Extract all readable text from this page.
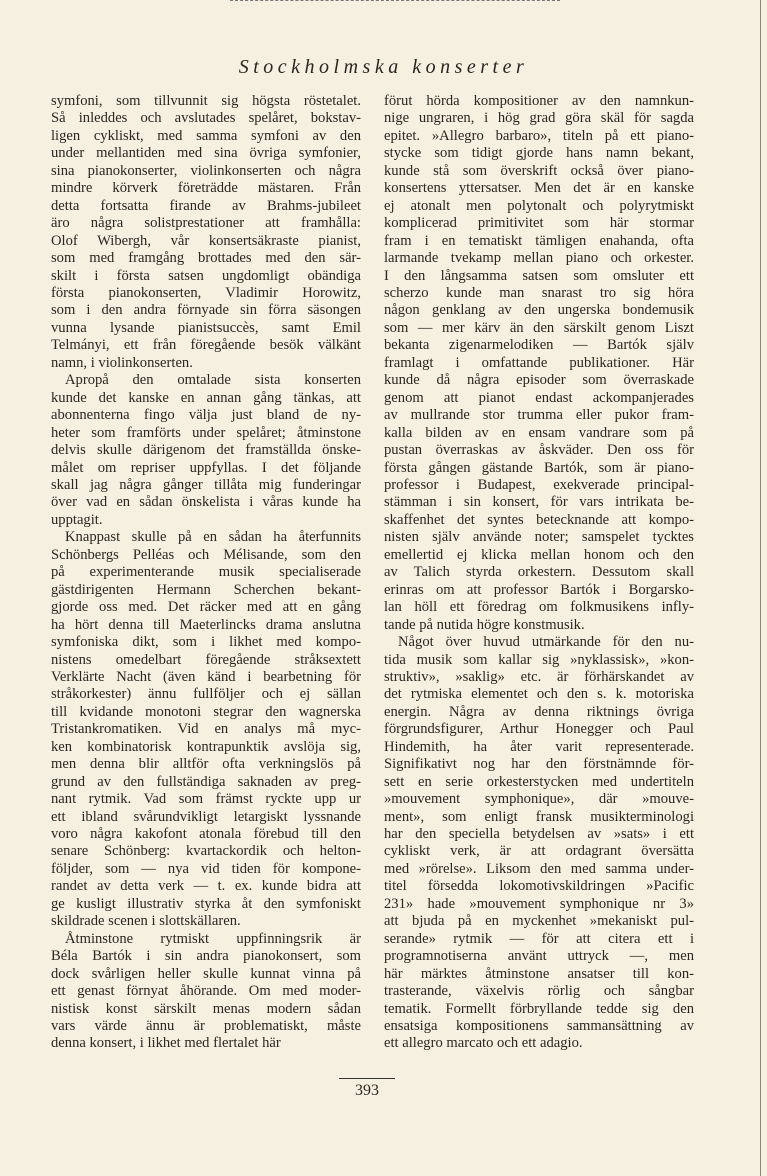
Stockholmska konserter
symfoni, som tillvunnit sig högsta röstetalet.
Så inleddes och avslutades spelåret, bokstav-
ligen cykliskt, med samma symfoni av den
under mellantiden med sina övriga symfonier,
sina pianokonserter, violinkonserten och några
mindre körverk företrädde mästaren. Från
detta fortsatta firande av Brahms-jubileet
äro några solistprestationer att framhålla:
Olof Wibergh, vår konsertsäkraste pianist,
som med framgång brottades med den sär-
skilt i första satsen ungdomligt obändiga
första pianokonserten, Vladimir Horowitz,
som i den andra förnyade sin förra säsongen
vunna lysande pianistsuccès, samt Emil
Telmányi, ett från föregående besök välkänt
namn, i violinkonserten.
Apropå den omtalade sista konserten
kunde det kanske en annan gång tänkas, att
abonnenterna fingo välja just bland de ny-
heter som framförts under spelåret; åtminstone
delvis skulle därigenom det framställda önske-
målet om repriser uppfyllas. I det följande
skall jag några gånger tillåta mig funderingar
över vad en sådan önskelista i våras kunde ha
upptagit.
Knappast skulle på en sådan ha återfunnits
Schönbergs Pelléas och Mélisande, som den
på experimenterande musik specialiserade
gästdirigenten Hermann Scherchen bekant-
gjorde oss med. Det räcker med att en gång
ha hört denna till Maeterlincks drama anslutna
symfoniska dikt, som i likhet med kompo-
nistens omedelbart föregående stråksextett
Verklärte Nacht (även känd i bearbetning för
stråkorkester) ännu fullföljer och ej sällan
till kvidande monotoni stegrar den wagnerska
Tristankromatiken. Vid en analys må myc-
ken kombinatorisk kontrapunktik avslöja sig,
men denna blir alltför ofta verkningslös på
grund av den fullständiga saknaden av preg-
nant rytmik. Vad som främst ryckte upp ur
ett ibland svårundvikligt letargiskt lyssnande
voro några kakofont atonala förebud till den
senare Schönberg: kvartackordik och helton-
följder, som — nya vid tiden för kompone-
randet av detta verk — t. ex. kunde bidra att
ge kusligt illustrativ styrka åt den symfoniskt
skildrade scenen i slottskällaren.
Åtminstone rytmiskt uppfinningsrik är
Béla Bartók i sin andra pianokonsert, som
dock svårligen heller skulle kunnat vinna på
ett genast förnyat åhörande. Om med moder-
nistisk konst särskilt menas modern sådan
vars värde ännu är problematiskt, måste
denna konsert, i likhet med flertalet här
förut hörda kompositioner av den namnkun-
nige ungraren, i hög grad göra skäl för sagda
epitet. »Allegro barbaro», titeln på ett piano-
stycke som tidigt gjorde hans namn bekant,
kunde stå som överskrift också över piano-
konsertens yttersatser. Men det är en kanske
ej atonalt men polytonalt och polyrytmiskt
komplicerad primitivitet som här stormar
fram i en tematiskt tämligen enahanda, ofta
larmande tvekamp mellan piano och orkester.
I den långsamma satsen som omsluter ett
scherzo kunde man snarast tro sig höra
någon genklang av den ungerska bondemusik
som — mer kärv än den särskilt genom Liszt
bekanta zigenarmelodiken — Bartók själv
framlagt i omfattande publikationer. Här
kunde då några episoder som överraskade
genom att pianot endast ackompanjerades
av mullrande stor trumma eller pukor fram-
kalla bilden av en ensam vandrare som på
pustan överraskas av åskväder. Den oss för
första gången gästande Bartók, som är piano-
professor i Budapest, exekverade principal-
stämman i sin konsert, för vars intrikata be-
skaffenhet det syntes betecknande att kompo-
nisten själv använde noter; samspelet tycktes
emellertid ej klicka mellan honom och den
av Talich styrda orkestern. Dessutom skall
erinras om att professor Bartók i Borgarsko-
lan höll ett föredrag om folkmusikens infly-
tande på nutida högre konstmusik.
Något över huvud utmärkande för den nu-
tida musik som kallar sig »nyklassisk», »kon-
struktiv», »saklig» etc. är förhärskandet av
det rytmiska elementet och den s. k. motoriska
energin. Några av denna riktnings övriga
förgrundsfigurer, Arthur Honegger och Paul
Hindemith, ha åter varit representerade.
Signifikativt nog har den förstnämnde för-
sett en serie orkesterstycken med undertiteln
»mouvement symphonique», där »mouve-
ment», som enligt fransk musikterminologi
har den speciella betydelsen av »sats» i ett
cykliskt verk, är att ordagrant översätta
med »rörelse». Liksom den med samma under-
titel försedda lokomotivskildringen »Pacific
231» hade »mouvement symphonique nr 3»
att bjuda på en myckenhet »mekaniskt pul-
serande» rytmik — för att citera ett i
programnotiserna använt uttryck —, men
här märktes åtminstone ansatser till kon-
trasterande, växelvis rörlig och sångbar
tematik. Formellt förbryllande tedde sig den
ensatsiga kompositionens sammansättning av
ett allegro marcato och ett adagio.
393
